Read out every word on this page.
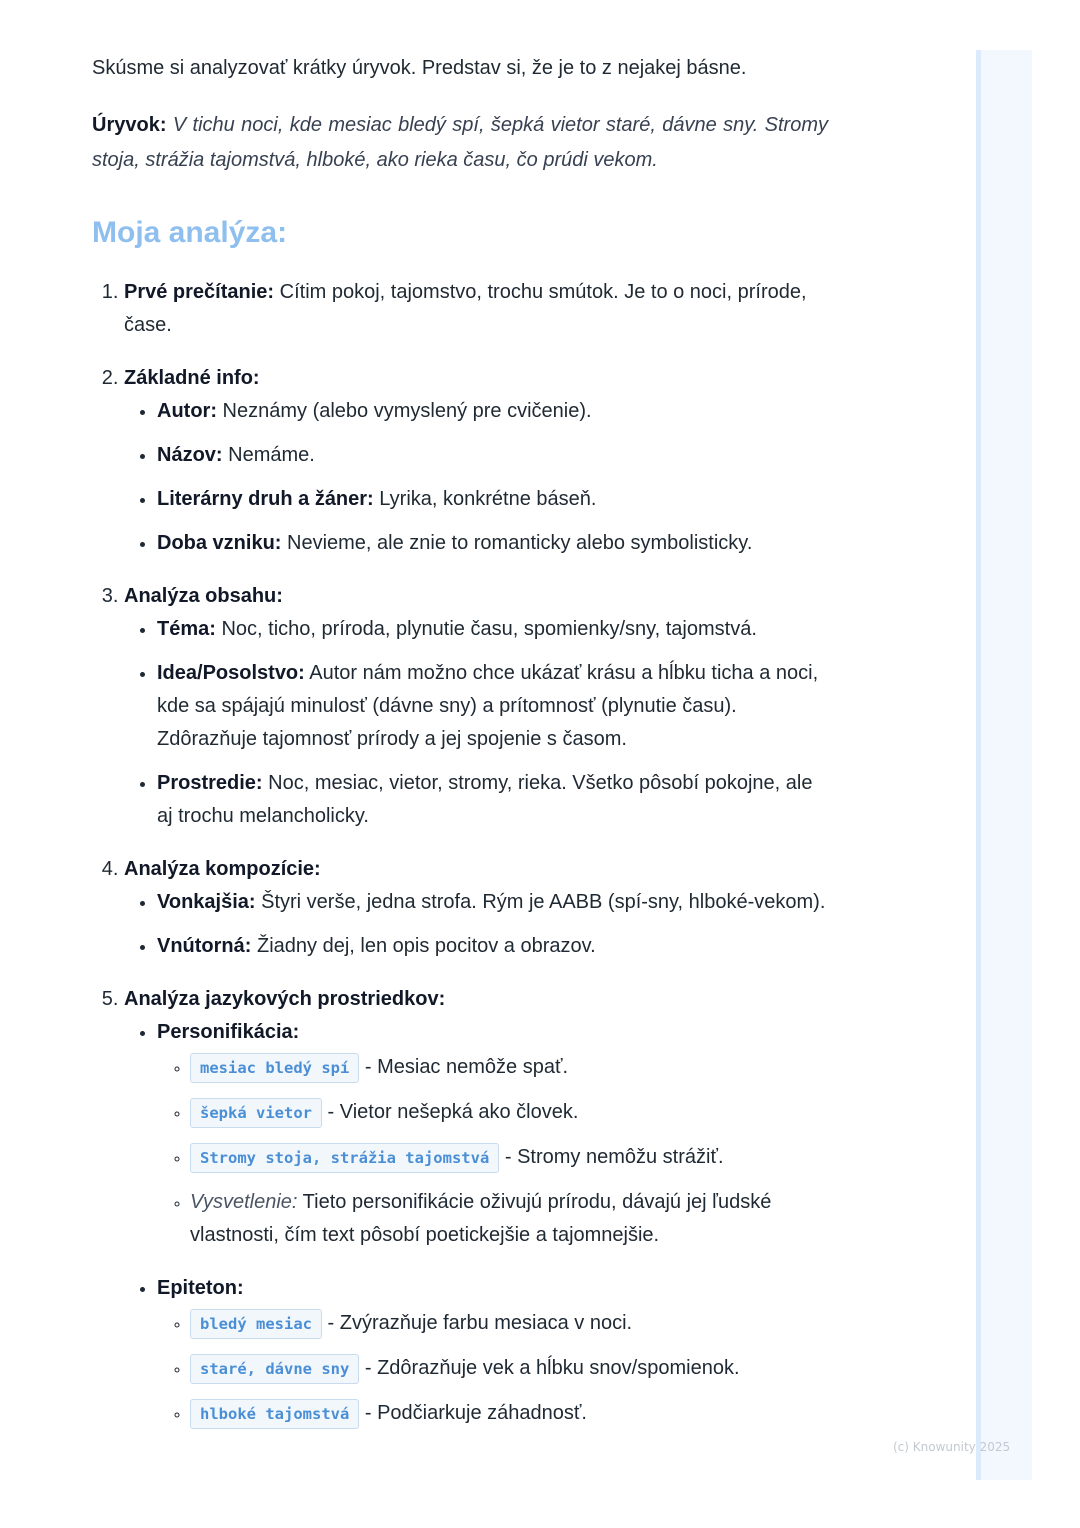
Skúsme si analyzovať krátky úryvok. Predstav si, že je to z nejakej básne.

Úryvok: V tichu noci, kde mesiac bledý spí, šepká vietor staré, dávne sny. Stromy stoja, strážia tajomstvá, hlboké, ako rieka času, čo prúdi vekom.

Moja analýza:
1. Prvé prečítanie: Cítim pokoj, tajomstvo, trochu smútok. Je to o noci, prírode, čase.
2. Základné info:
• Autor: Neznámy (alebo vymyslený pre cvičenie).
• Názov: Nemáme.
• Literárny druh a žáner: Lyrika, konkrétne báseň.
• Doba vzniku: Nevieme, ale znie to romanticky alebo symbolisticky.
3. Analýza obsahu:
• Téma: Noc, ticho, príroda, plynutie času, spomienky/sny, tajomstvá.
• Idea/Posolstvo: Autor nám možno chce ukázať krásu a hĺbku ticha a noci, kde sa spájajú minulosť (dávne sny) a prítomnosť (plynutie času). Zdôrazňuje tajomnosť prírody a jej spojenie s časom.
• Prostredie: Noc, mesiac, vietor, stromy, rieka. Všetko pôsobí pokojne, ale aj trochu melancholicky.
4. Analýza kompozície:
• Vonkajšia: Štyri verše, jedna strofa. Rým je AABB (spí-sny, hlboké-vekom).
• Vnútorná: Žiadny dej, len opis pocitov a obrazov.
5. Analýza jazykových prostriedkov:
• Personifikácia:
◦ mesiac bledý spí - Mesiac nemôže spať.
◦ šepká vietor - Vietor nešepká ako človek.
◦ Stromy stoja, strážia tajomstvá - Stromy nemôžu strážiť.
◦ Vysvetlenie: Tieto personifikácie oživujú prírodu, dávajú jej ľudské vlastnosti, čím text pôsobí poetickejšie a tajomnejšie.
• Epiteton:
◦ bledý mesiac - Zvýrazňuje farbu mesiaca v noci.
◦ staré, dávne sny - Zdôrazňuje vek a hĺbku snov/spomienok.
◦ hlboké tajomstvá - Podčiarkuje záhadnosť.
(c) Knowunity 2025
